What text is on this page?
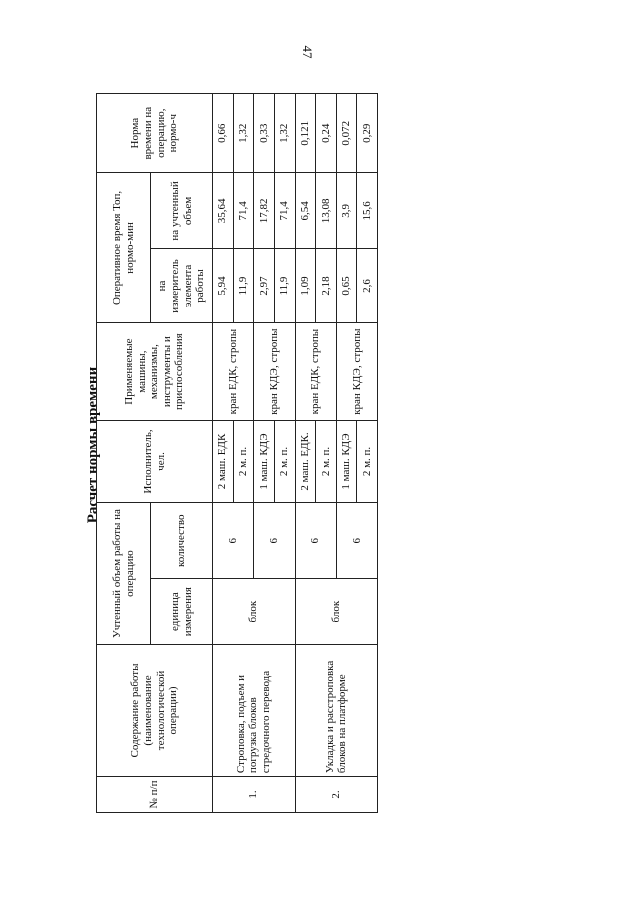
47
Расчет нормы времени
№ п/п	Содержание работы (наименование технологической операции)	Учтенный объем работы на операцию		Исполнитель, чел.	Применяемые машины, механизмы, инструменты и приспособления	Оперативное время Топ, нормо-мин		Норма времени на операцию, нормо-ч
		единица измерения	количество			на измеритель элемента работы	на учтенный объем	
1.	Строповка, подъем и погрузка блоков стредочного перевода	блок	6	2 маш. ЕДК	кран ЕДК, стропы	5,94	35,64	0,66
				2 м. п.		11,9	71,4	1,32
			6	1 маш. КДЭ	кран КДЭ, стропы	2,97	17,82	0,33
				2 м. п.		11,9	71,4	1,32
2.	Укладка и расстроповка блоков на платформе	блок	6	2 маш. ЕДК.	кран ЕДК, стропы	1,09	6,54	0,121
				2 м. п.		2,18	13,08	0,24
			6	1 маш. КДЭ	кран КДЭ, стропы	0,65	3,9	0,072
				2 м. п.		2,6	15,6	0,29
